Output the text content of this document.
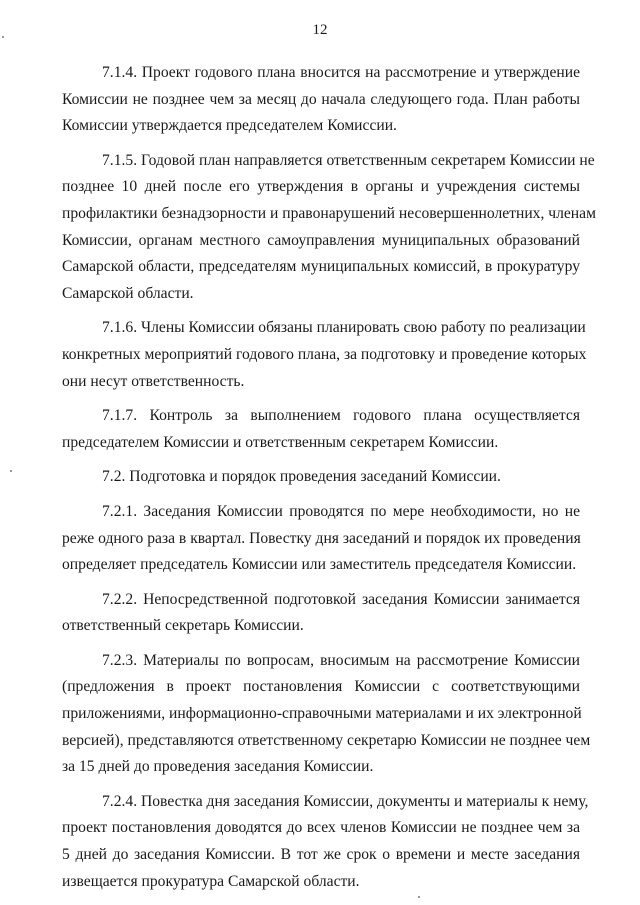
12
7.1.4. Проект годового плана вносится на рассмотрение и утверждение
Комиссии не позднее чем за месяц до начала следующего года. План работы
Комиссии утверждается председателем Комиссии.
7.1.5. Годовой план направляется ответственным секретарем Комиссии не
позднее 10 дней после его утверждения в органы и учреждения системы
профилактики безнадзорности и правонарушений несовершеннолетних, членам
Комиссии, органам местного самоуправления муниципальных образований
Самарской области, председателям муниципальных комиссий, в прокуратуру
Самарской области.
7.1.6. Члены Комиссии обязаны планировать свою работу по реализации
конкретных мероприятий годового плана, за подготовку и проведение которых
они несут ответственность.
7.1.7. Контроль за выполнением годового плана осуществляется
председателем Комиссии и ответственным секретарем Комиссии.
7.2. Подготовка и порядок проведения заседаний Комиссии.
7.2.1. Заседания Комиссии проводятся по мере необходимости, но не
реже одного раза в квартал. Повестку дня заседаний и порядок их проведения
определяет председатель Комиссии или заместитель председателя Комиссии.
7.2.2. Непосредственной подготовкой заседания Комиссии занимается
ответственный секретарь Комиссии.
7.2.3. Материалы по вопросам, вносимым на рассмотрение Комиссии
(предложения в проект постановления Комиссии с соответствующими
приложениями, информационно-справочными материалами и их электронной
версией), представляются ответственному секретарю Комиссии не позднее чем
за 15 дней до проведения заседания Комиссии.
7.2.4. Повестка дня заседания Комиссии, документы и материалы к нему,
проект постановления доводятся до всех членов Комиссии не позднее чем за
5 дней до заседания Комиссии. В тот же срок о времени и месте заседания
извещается прокуратура Самарской области.
